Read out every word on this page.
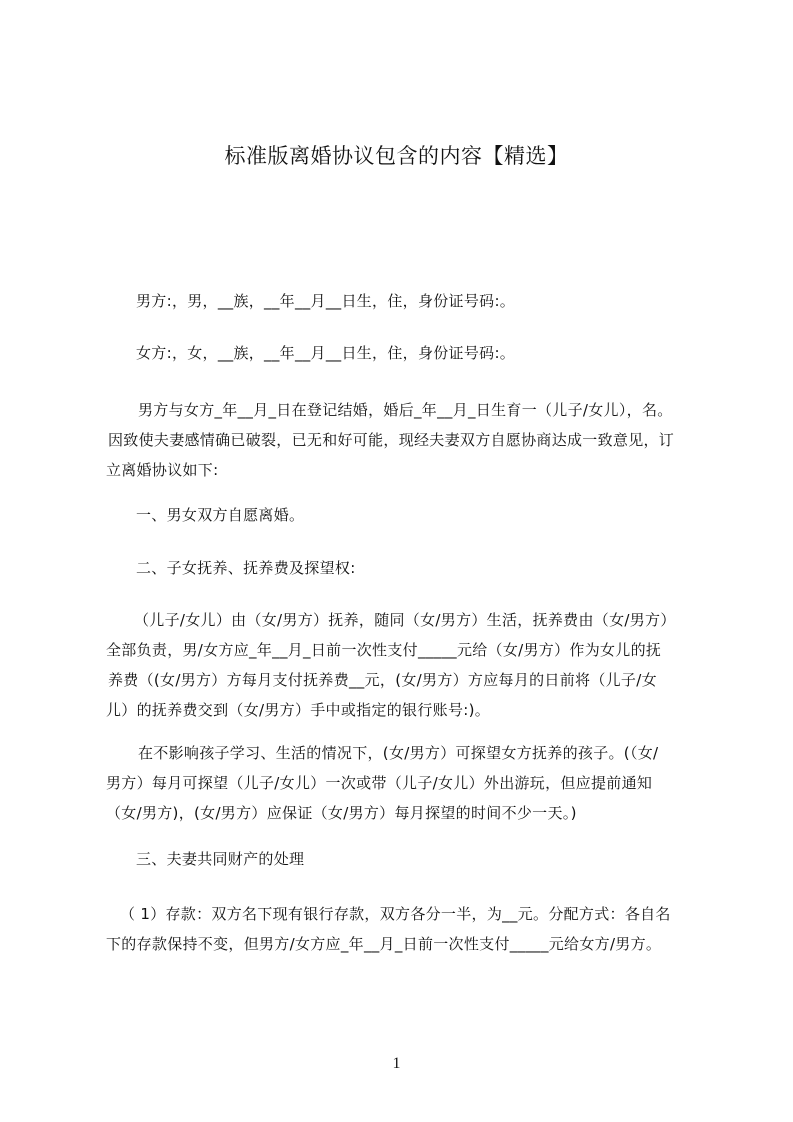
标准版离婚协议包含的内容【精选】
男方:，男，__族，__年__月__日生，住，身份证号码:。
女方:，女，__族，__年__月__日生，住，身份证号码:。
男方与女方_年__月_日在登记结婚，婚后_年__月_日生育一（儿子/女儿），名。
因致使夫妻感情确已破裂，已无和好可能，现经夫妻双方自愿协商达成一致意见，订
立离婚协议如下:
一、男女双方自愿离婚。
二、子女抚养、抚养费及探望权:
（儿子/女儿）由（女/男方）抚养，随同（女/男方）生活，抚养费由（女/男方）
全部负责，男/女方应_年__月_日前一次性支付_____元给（女/男方）作为女儿的抚
养费（(女/男方）方每月支付抚养费__元，(女/男方）方应每月的日前将（儿子/女
儿）的抚养费交到（女/男方）手中或指定的银行账号:)。
在不影响孩子学习、生活的情况下，(女/男方）可探望女方抚养的孩子。(（女/
男方）每月可探望（儿子/女儿）一次或带（儿子/女儿）外出游玩，但应提前通知
（女/男方)，(女/男方）应保证（女/男方）每月探望的时间不少一天。)
三、夫妻共同财产的处理
（ 1）存款：双方名下现有银行存款，双方各分一半，为__元。分配方式：各自名
下的存款保持不变，但男方/女方应_年__月_日前一次性支付_____元给女方/男方。
1
